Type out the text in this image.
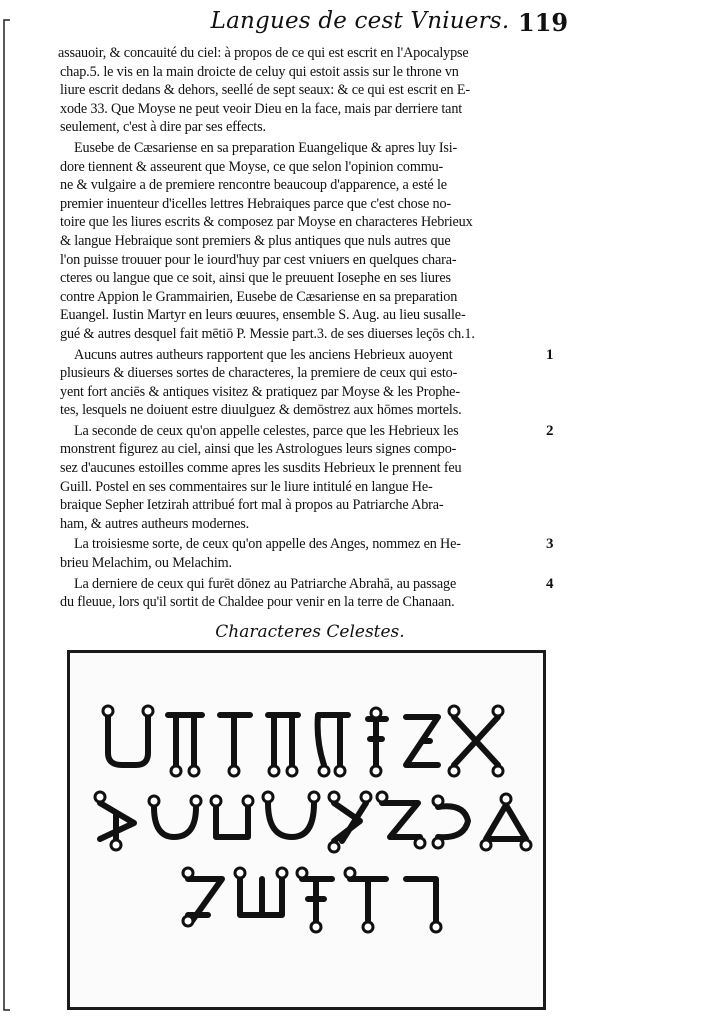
Langues de cest Vniuers. 119
assauoir, & concauité du ciel: à propos de ce qui est escrit en l'Apocalypse
chap.5. le vis en la main droicte de celuy qui estoit assis sur le throne vn
liure escrit dedans & dehors, seellé de sept seaux: & ce qui est escrit en E-
xode 33. Que Moyse ne peut veoir Dieu en la face, mais par derriere tant
seulement, c'est à dire par ses effects.
Eusebe de Cæsariense en sa preparation Euangelique & apres luy Isi-
dore tiennent & asseurent que Moyse, ce que selon l'opinion commu-
ne & vulgaire a de premiere rencontre beaucoup d'apparence, a esté le
premier inuenteur d'icelles lettres Hebraiques parce que c'est chose no-
toire que les liures escrits & composez par Moyse en characteres Hebrieux
& langue Hebraique sont premiers & plus antiques que nuls autres que
l'on puisse trouuer pour le iourd'huy par cest vniuers en quelques chara-
cteres ou langue que ce soit, ainsi que le preuuent Iosephe en ses liures
contre Appion le Grammairien, Eusebe de Cæsariense en sa preparation
Euangel. Iustin Martyr en leurs œuures, ensemble S. Aug. au lieu susalle-
gué & autres desquel fait mētiō P. Messie part.3. de ses diuerses leçōs ch.1.
Aucuns autres autheurs rapportent que les anciens Hebrieux auoyent	1
plusieurs & diuerses sortes de characteres, la premiere de ceux qui esto-
yent fort anciēs & antiques visitez & pratiquez par Moyse & les Prophe-
tes, lesquels ne doiuent estre diuulguez & demōstrez aux hōmes mortels.
La seconde de ceux qu'on appelle celestes, parce que les Hebrieux les	2
monstrent figurez au ciel, ainsi que les Astrologues leurs signes compo-
sez d'aucunes estoilles comme apres les susdits Hebrieux le prennent feu
Guill. Postel en ses commentaires sur le liure intitulé en langue He-
braique Sepher Ietzirah attribué fort mal à propos au Patriarche Abra-
ham, & autres autheurs modernes.
La troisiesme sorte, de ceux qu'on appelle des Anges, nommez en He-	3
brieu Melachim, ou Melachim.
La derniere de ceux qui furēt dōnez au Patriarche Abrahā, au passage	4
du fleuue, lors qu'il sortit de Chaldee pour venir en la terre de Chanaan.
Characteres Celestes.
